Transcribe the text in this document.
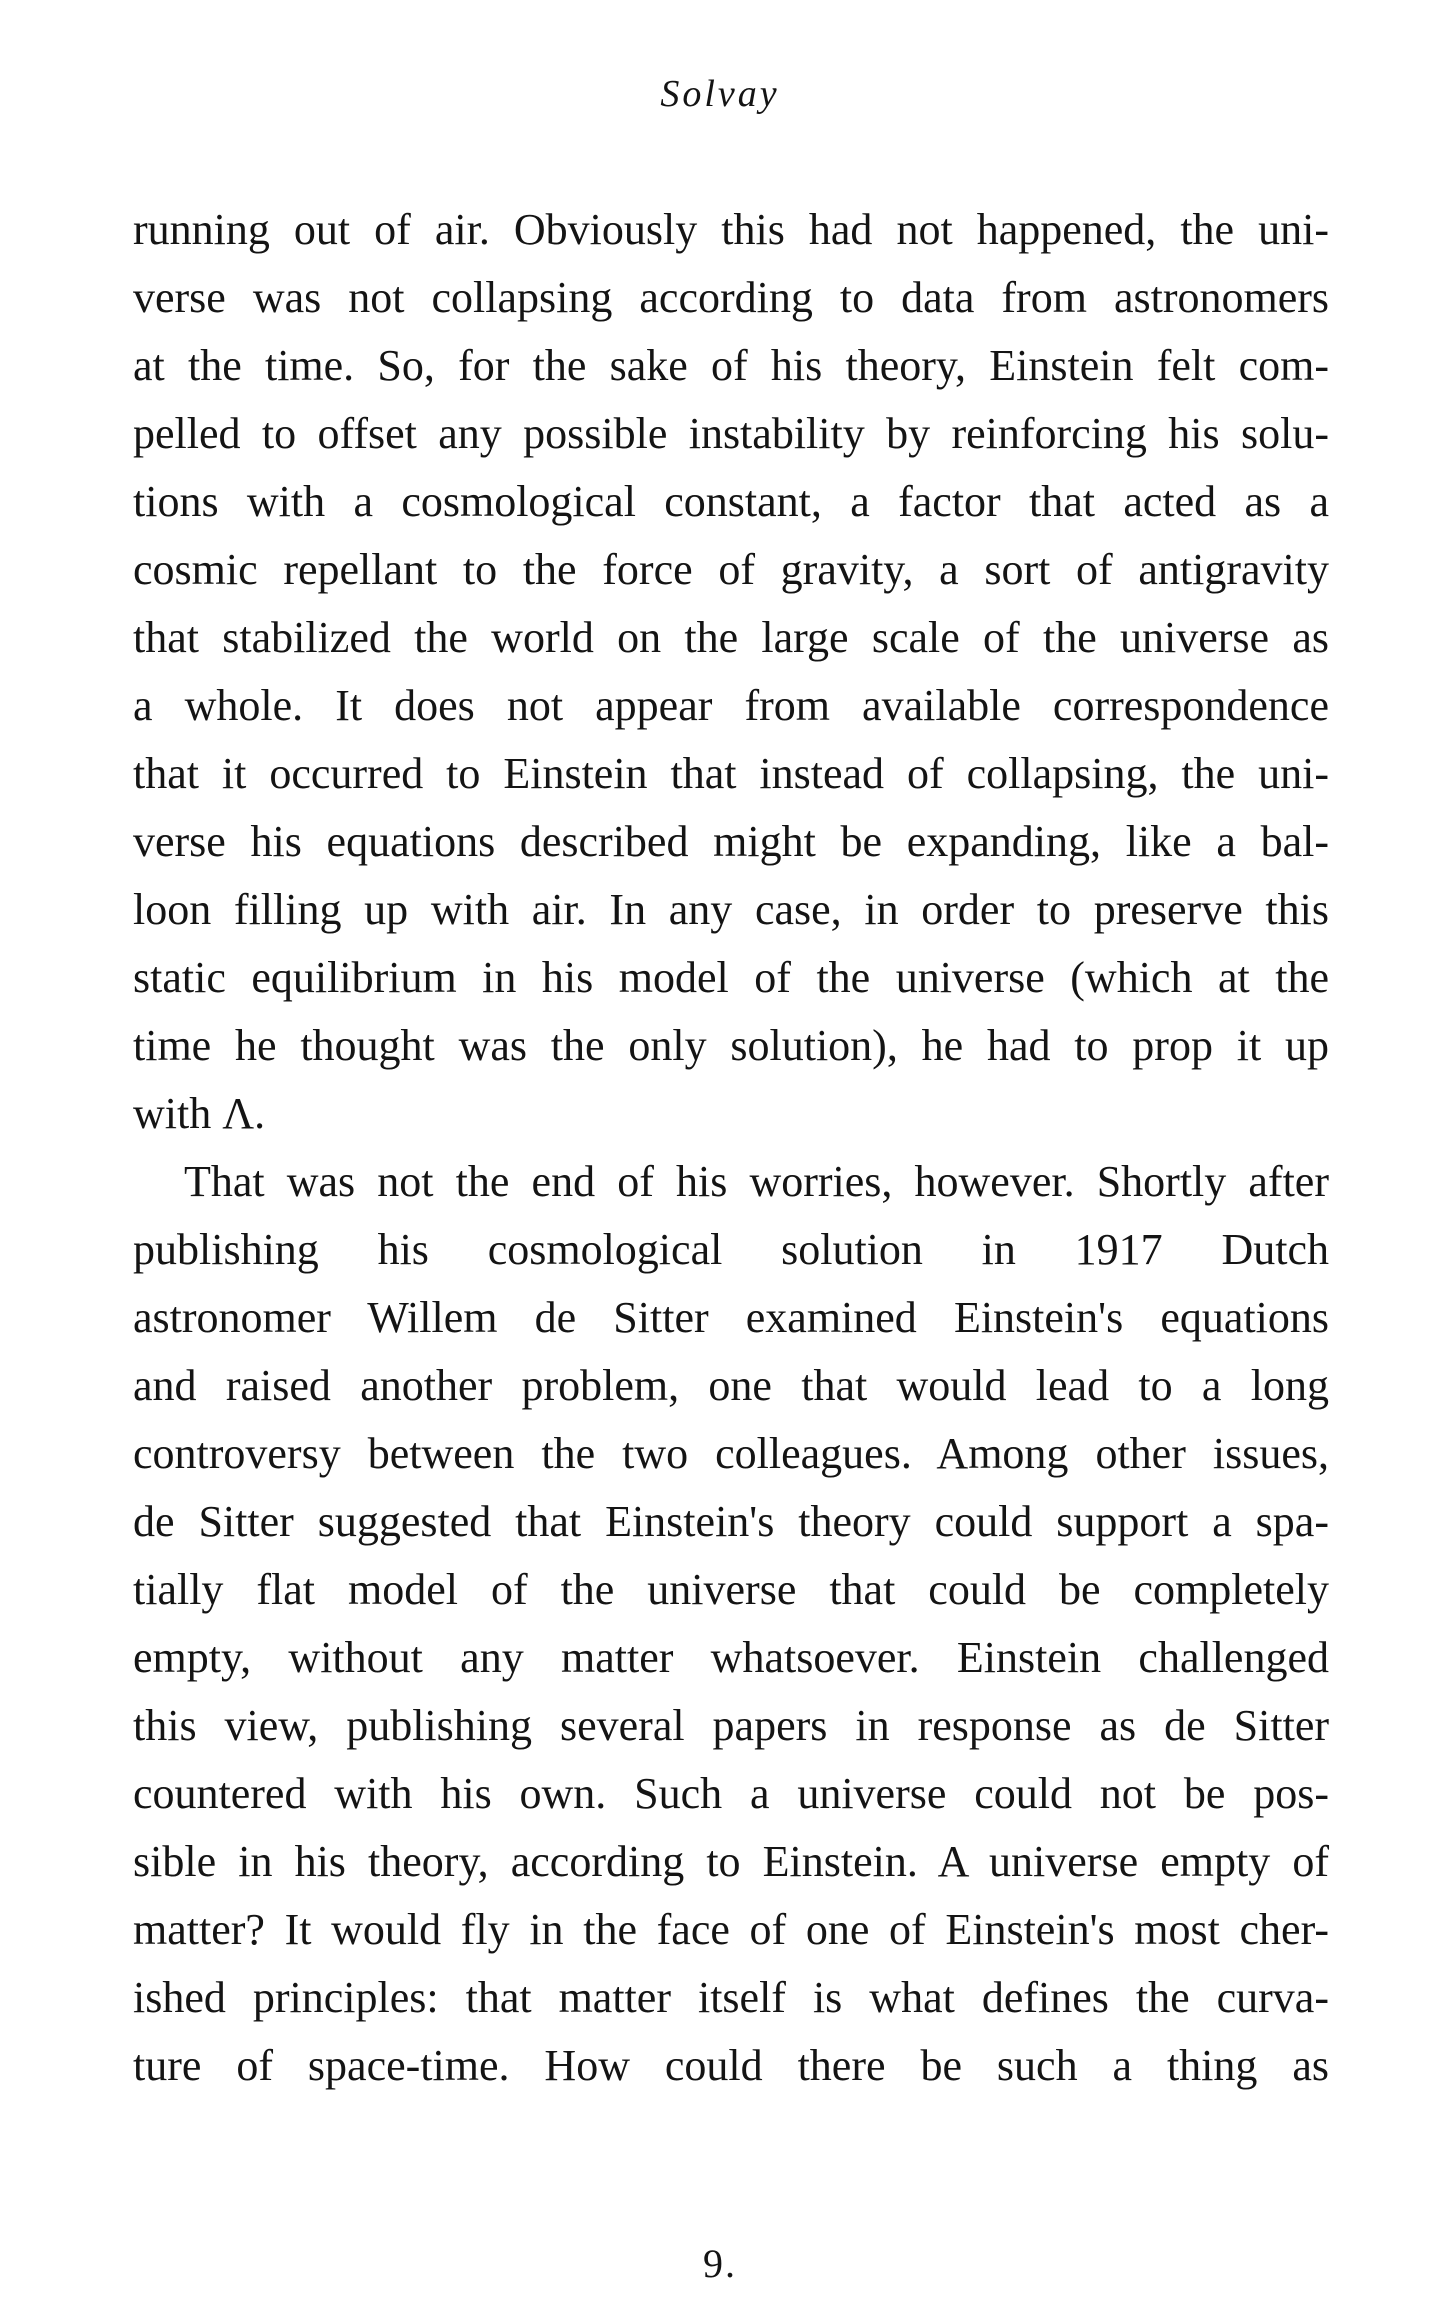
Solvay
running out of air. Obviously this had not happened, the uni-
verse was not collapsing according to data from astronomers
at the time. So, for the sake of his theory, Einstein felt com-
pelled to offset any possible instability by reinforcing his solu-
tions with a cosmological constant, a factor that acted as a
cosmic repellant to the force of gravity, a sort of antigravity
that stabilized the world on the large scale of the universe as
a whole. It does not appear from available correspondence
that it occurred to Einstein that instead of collapsing, the uni-
verse his equations described might be expanding, like a bal-
loon filling up with air. In any case, in order to preserve this
static equilibrium in his model of the universe (which at the
time he thought was the only solution), he had to prop it up
with Λ.
That was not the end of his worries, however. Shortly after
publishing his cosmological solution in 1917 Dutch
astronomer Willem de Sitter examined Einstein's equations
and raised another problem, one that would lead to a long
controversy between the two colleagues. Among other issues,
de Sitter suggested that Einstein's theory could support a spa-
tially flat model of the universe that could be completely
empty, without any matter whatsoever. Einstein challenged
this view, publishing several papers in response as de Sitter
countered with his own. Such a universe could not be pos-
sible in his theory, according to Einstein. A universe empty of
matter? It would fly in the face of one of Einstein's most cher-
ished principles: that matter itself is what defines the curva-
ture of space-time. How could there be such a thing as
9.
